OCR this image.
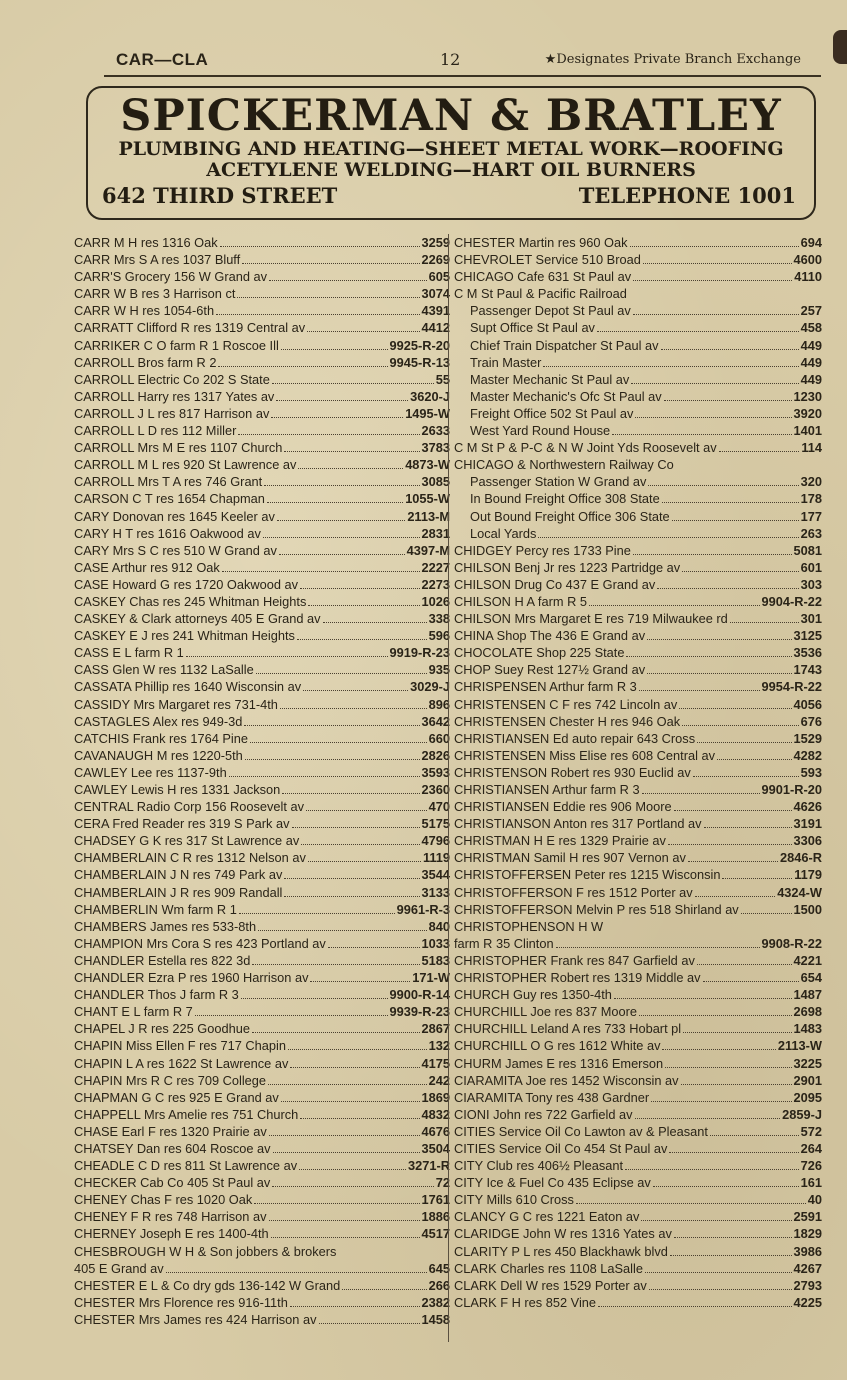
CAR—CLA	12	★Designates Private Branch Exchange
SPICKERMAN & BRATLEY
PLUMBING AND HEATING—SHEET METAL WORK—ROOFING
ACETYLENE WELDING—HART OIL BURNERS
642 THIRD STREET	TELEPHONE 1001
CARR M H res 1316 Oak	3259
CARR Mrs S A res 1037 Bluff	2269
CARR'S Grocery 156 W Grand av	605
CARR W B res 3 Harrison ct	3074
CARR W H res 1054-6th	4391
CARRATT Clifford R res 1319 Central av	4412
CARRIKER C O farm R 1 Roscoe Ill	9925-R-20
CARROLL Bros farm R 2	9945-R-13
CARROLL Electric Co 202 S State	55
CARROLL Harry res 1317 Yates av	3620-J
CARROLL J L res 817 Harrison av	1495-W
CARROLL L D res 112 Miller	2633
CARROLL Mrs M E res 1107 Church	3783
CARROLL M L res 920 St Lawrence av	4873-W
CARROLL Mrs T A res 746 Grant	3085
CARSON C T res 1654 Chapman	1055-W
CARY Donovan res 1645 Keeler av	2113-M
CARY H T res 1616 Oakwood av	2831
CARY Mrs S C res 510 W Grand av	4397-M
CASE Arthur res 912 Oak	2227
CASE Howard G res 1720 Oakwood av	2273
CASKEY Chas res 245 Whitman Heights	1026
CASKEY & Clark attorneys 405 E Grand av	338
CASKEY E J res 241 Whitman Heights	596
CASS E L farm R 1	9919-R-23
CASS Glen W res 1132 LaSalle	935
CASSATA Phillip res 1640 Wisconsin av	3029-J
CASSIDY Mrs Margaret res 731-4th	896
CASTAGLES Alex res 949-3d	3642
CATCHIS Frank res 1764 Pine	660
CAVANAUGH M res 1220-5th	2826
CAWLEY Lee res 1137-9th	3593
CAWLEY Lewis H res 1331 Jackson	2360
CENTRAL Radio Corp 156 Roosevelt av	470
CERA Fred Reader res 319 S Park av	5175
CHADSEY G K res 317 St Lawrence av	4796
CHAMBERLAIN C R res 1312 Nelson av	1119
CHAMBERLAIN J N res 749 Park av	3544
CHAMBERLAIN J R res 909 Randall	3133
CHAMBERLIN Wm farm R 1	9961-R-3
CHAMBERS James res 533-8th	840
CHAMPION Mrs Cora S res 423 Portland av	1033
CHANDLER Estella res 822 3d	5183
CHANDLER Ezra P res 1960 Harrison av	171-W
CHANDLER Thos J farm R 3	9900-R-14
CHANT E L farm R 7	9939-R-23
CHAPEL J R res 225 Goodhue	2867
CHAPIN Miss Ellen F res 717 Chapin	132
CHAPIN L A res 1622 St Lawrence av	4175
CHAPIN Mrs R C res 709 College	242
CHAPMAN G C res 925 E Grand av	1869
CHAPPELL Mrs Amelie res 751 Church	4832
CHASE Earl F res 1320 Prairie av	4676
CHATSEY Dan res 604 Roscoe av	3504
CHEADLE C D res 811 St Lawrence av	3271-R
CHECKER Cab Co 405 St Paul av	72
CHENEY Chas F res 1020 Oak	1761
CHENEY F R res 748 Harrison av	1886
CHERNEY Joseph E res 1400-4th	4517
CHESBROUGH W H & Son jobbers & brokers
405 E Grand av	645
CHESTER E L & Co dry gds 136-142 W Grand	266
CHESTER Mrs Florence res 916-11th	2382
CHESTER Mrs James res 424 Harrison av	1458
CHESTER Martin res 960 Oak	694
CHEVROLET Service 510 Broad	4600
CHICAGO Cafe 631 St Paul av	4110
C M St Paul & Pacific Railroad
Passenger Depot St Paul av	257
Supt Office St Paul av	458
Chief Train Dispatcher St Paul av	449
Train Master	449
Master Mechanic St Paul av	449
Master Mechanic's Ofc St Paul av	1230
Freight Office 502 St Paul av	3920
West Yard Round House	1401
C M St P & P-C & N W Joint Yds Roosevelt av	114
CHICAGO & Northwestern Railway Co
Passenger Station W Grand av	320
In Bound Freight Office 308 State	178
Out Bound Freight Office 306 State	177
Local Yards	263
CHIDGEY Percy res 1733 Pine	5081
CHILSON Benj Jr res 1223 Partridge av	601
CHILSON Drug Co 437 E Grand av	303
CHILSON H A farm R 5	9904-R-22
CHILSON Mrs Margaret E res 719 Milwaukee rd	301
CHINA Shop The 436 E Grand av	3125
CHOCOLATE Shop 225 State	3536
CHOP Suey Rest 127½ Grand av	1743
CHRISPENSEN Arthur farm R 3	9954-R-22
CHRISTENSEN C F res 742 Lincoln av	4056
CHRISTENSEN Chester H res 946 Oak	676
CHRISTIANSEN Ed auto repair 643 Cross	1529
CHRISTENSEN Miss Elise res 608 Central av	4282
CHRISTENSON Robert res 930 Euclid av	593
CHRISTIANSEN Arthur farm R 3	9901-R-20
CHRISTIANSEN Eddie res 906 Moore	4626
CHRISTIANSON Anton res 317 Portland av	3191
CHRISTMAN H E res 1329 Prairie av	3306
CHRISTMAN Samil H res 907 Vernon av	2846-R
CHRISTOFFERSEN Peter res 1215 Wisconsin	1179
CHRISTOFFERSON F res 1512 Porter av	4324-W
CHRISTOFFERSON Melvin P res 518 Shirland av	1500
CHRISTOPHENSON H W
farm R 35 Clinton	9908-R-22
CHRISTOPHER Frank res 847 Garfield av	4221
CHRISTOPHER Robert res 1319 Middle av	654
CHURCH Guy res 1350-4th	1487
CHURCHILL Joe res 837 Moore	2698
CHURCHILL Leland A res 733 Hobart pl	1483
CHURCHILL O G res 1612 White av	2113-W
CHURM James E res 1316 Emerson	3225
CIARAMITA Joe res 1452 Wisconsin av	2901
CIARAMITA Tony res 438 Gardner	2095
CIONI John res 722 Garfield av	2859-J
CITIES Service Oil Co Lawton av & Pleasant	572
CITIES Service Oil Co 454 St Paul av	264
CITY Club res 406½ Pleasant	726
CITY Ice & Fuel Co 435 Eclipse av	161
CITY Mills 610 Cross	40
CLANCY G C res 1221 Eaton av	2591
CLARIDGE John W res 1316 Yates av	1829
CLARITY P L res 450 Blackhawk blvd	3986
CLARK Charles res 1108 LaSalle	4267
CLARK Dell W res 1529 Porter av	2793
CLARK F H res 852 Vine	4225
